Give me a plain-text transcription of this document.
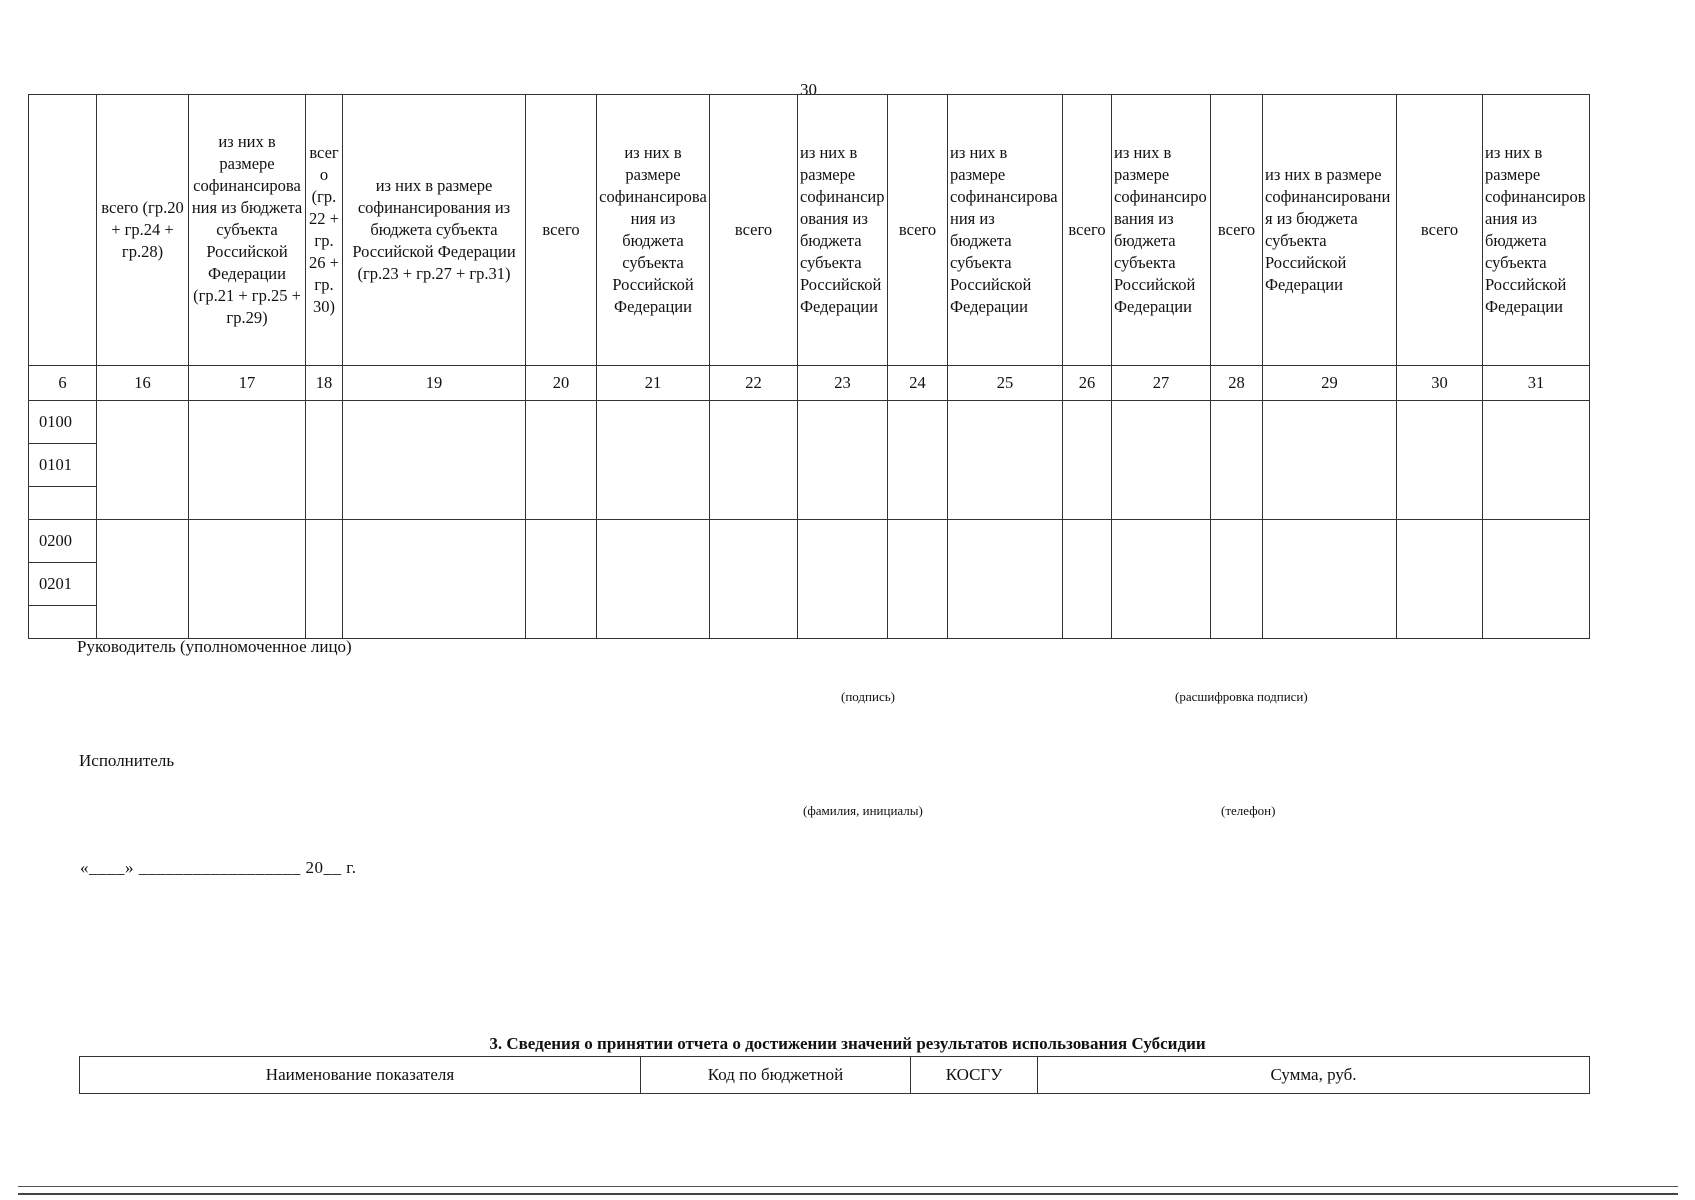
30
	всего (гр.20 + гр.24 + гр.28)	из них в размере софинансирования из бюджета субъекта Российской Федерации (гр.21 + гр.25 + гр.29)	всего (гр. 22 + гр. 26 + гр. 30)	из них в размере софинансирования из бюджета субъекта Российской Федерации (гр.23 + гр.27 + гр.31)	всего	из них в размере софинансирования из бюджета субъекта Российской Федерации	всего	из них в размере софинансирования из бюджета субъекта Российской Федерации	всего	из них в размере софинансирования из бюджета субъекта Российской Федерации	всего	из них в размере софинансирования из бюджета субъекта Российской Федерации	всего	из них в размере софинансирования из бюджета субъекта Российской Федерации	всего	из них в размере софинансирования из бюджета субъекта Российской Федерации
6	16	17	18	19	20	21	22	23	24	25	26	27	28	29	30	31
0100																
0101																

0200																
0201																

Руководитель (уполномоченное лицо)
(подпись)	(расшифровка подписи)
Исполнитель
(фамилия, инициалы)	(телефон)
«____» __________________ 20__ г.
3. Сведения о принятии отчета о достижении значений результатов использования Субсидии
Наименование показателя	Код по бюджетной	КОСГУ	Сумма, руб.
